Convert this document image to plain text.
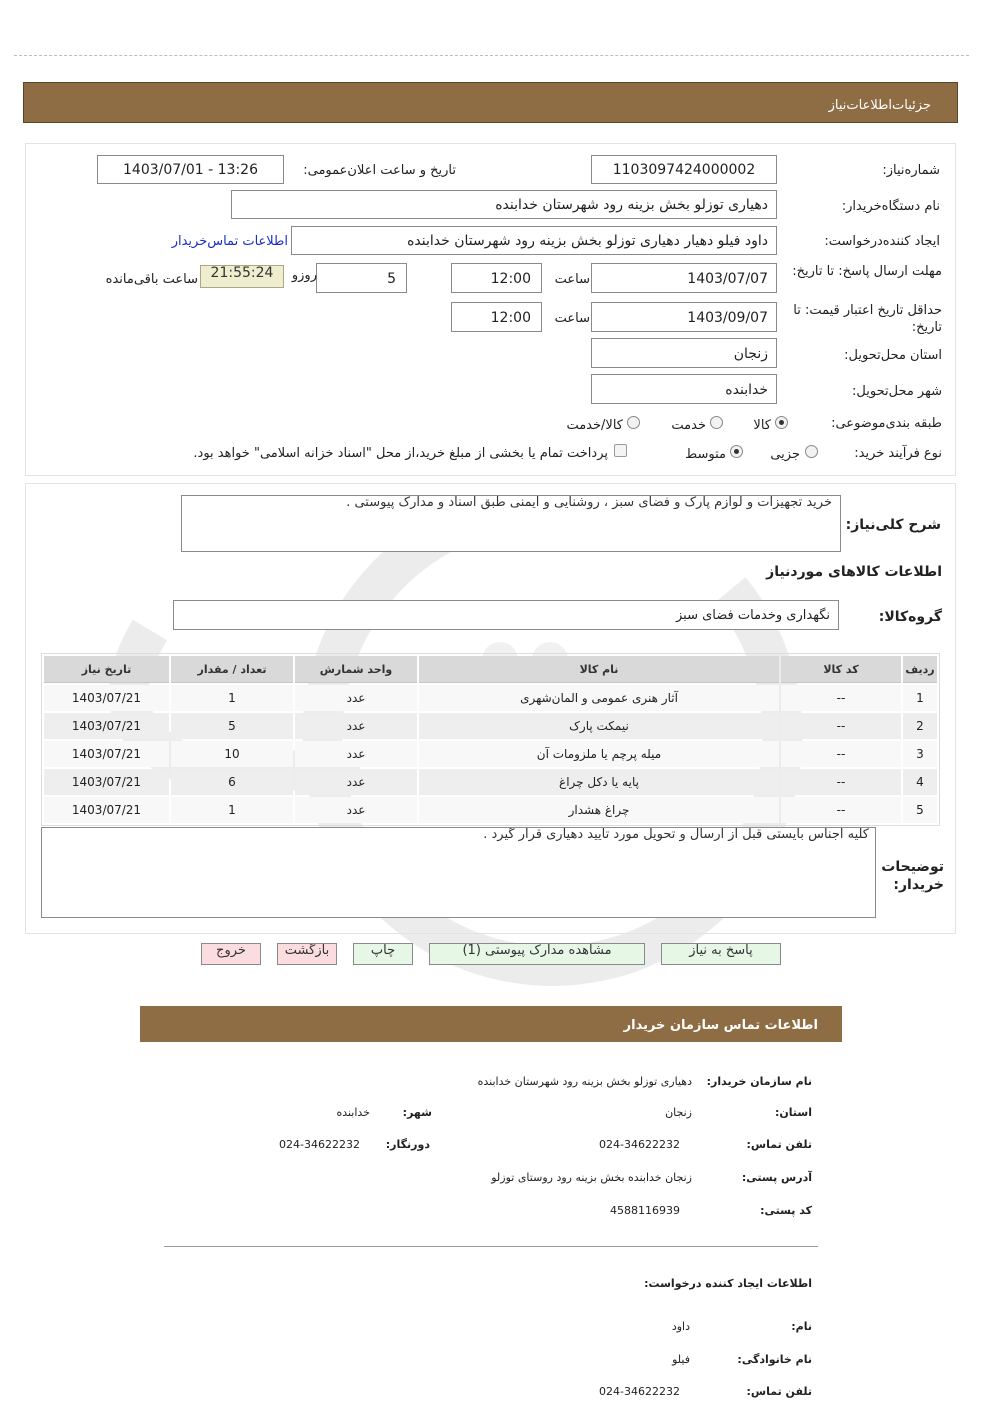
جزئیات‌اطلاعات‌نیاز
شماره‌نیاز:
1103097424000002
تاریخ و ساعت اعلان‌عمومی:
1403/07/01 - 13:26
نام دستگاه‌خریدار:
دهیاری توزلو بخش بزینه رود شهرستان خدابنده
ایجاد کننده‌درخواست:
داود فیلو دهیار دهیاری توزلو بخش بزینه رود شهرستان خدابنده
اطلاعات تماس‌خریدار
مهلت ارسال پاسخ: تا تاریخ:
1403/07/07
ساعت
12:00
5
روزو
21:55:24
ساعت باقی‌مانده
حداقل تاریخ اعتبار قیمت: تا تاریخ:
1403/09/07
ساعت
12:00
استان محل‌تحویل:
زنجان
شهر محل‌تحویل:
خدابنده
طبقه بندی‌موضوعی:
کالا
خدمت
کالا/خدمت
نوع فرآیند خرید:
جزیی
متوسط
پرداخت تمام یا بخشی از مبلغ خرید،از محل "اسناد خزانه اسلامی" خواهد بود.
شرح کلی‌نیاز:
خرید تجهیزات و لوازم پارک و فضای سبز ، روشنایی و ایمنی طبق اسناد و مدارک پیوستی .
اطلاعات کالاهای مورد‌نیاز
گروه‌کالا:
نگهداری وخدمات فضای سبز
ردیف	کد کالا	نام کالا	واحد شمارش	تعداد / مقدار	تاریخ نیاز
1	--	آثار هنری عمومی و المان‌شهری	عدد	1	1403/07/21
2	--	نیمکت پارک	عدد	5	1403/07/21
3	--	میله پرچم یا ملزومات آن	عدد	10	1403/07/21
4	--	پایه یا دکل چراغ	عدد	6	1403/07/21
5	--	چراغ هشدار	عدد	1	1403/07/21
توضیحات خریدار:
کلیه اجناس بایستی قبل از ارسال و تحویل مورد تایید دهیاری قرار گیرد .
پاسخ به نیاز
مشاهده مدارک پیوستی (1)
چاپ
بازگشت
خروج
اطلاعات تماس سازمان خریدار
نام سازمان خریدار:
دهیاری توزلو بخش بزینه رود شهرستان خدابنده
استان:
زنجان
شهر:
خدابنده
تلفن تماس:
024-34622232
دورنگار:
024-34622232
آدرس پستی:
زنجان خدابنده بخش بزینه رود روستای توزلو
کد پستی:
4588116939
اطلاعات ایجاد کننده درخواست:
نام:
داود
نام خانوادگی:
فیلو
تلفن تماس:
024-34622232
